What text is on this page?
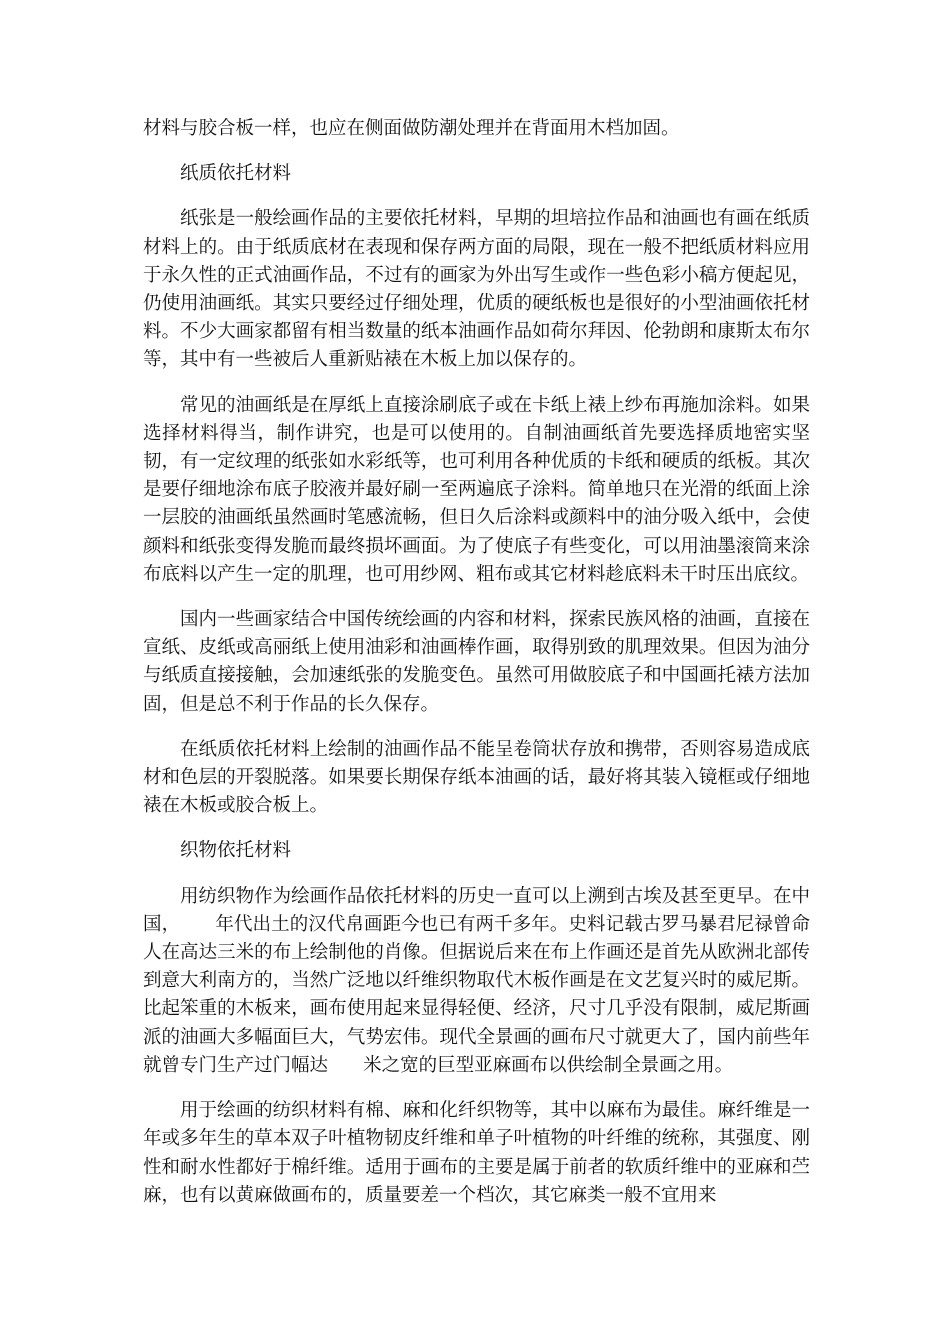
材料与胶合板一样，也应在侧面做防潮处理并在背面用木档加固。

纸质依托材料

纸张是一般绘画作品的主要依托材料，早期的坦培拉作品和油画也有画在纸质材料上的。由于纸质底材在表现和保存两方面的局限，现在一般不把纸质材料应用于永久性的正式油画作品，不过有的画家为外出写生或作一些色彩小稿方便起见，仍使用油画纸。其实只要经过仔细处理，优质的硬纸板也是很好的小型油画依托材料。不少大画家都留有相当数量的纸本油画作品如荷尔拜因、伦勃朗和康斯太布尔等，其中有一些被后人重新贴裱在木板上加以保存的。

常见的油画纸是在厚纸上直接涂刷底子或在卡纸上裱上纱布再施加涂料。如果选择材料得当，制作讲究，也是可以使用的。自制油画纸首先要选择质地密实坚韧，有一定纹理的纸张如水彩纸等，也可利用各种优质的卡纸和硬质的纸板。其次是要仔细地涂布底子胶液并最好刷一至两遍底子涂料。简单地只在光滑的纸面上涂一层胶的油画纸虽然画时笔感流畅，但日久后涂料或颜料中的油分吸入纸中，会使颜料和纸张变得发脆而最终损坏画面。为了使底子有些变化，可以用油墨滚筒来涂布底料以产生一定的肌理，也可用纱网、粗布或其它材料趁底料未干时压出底纹。

国内一些画家结合中国传统绘画的内容和材料，探索民族风格的油画，直接在宣纸、皮纸或高丽纸上使用油彩和油画棒作画，取得别致的肌理效果。但因为油分与纸质直接接触，会加速纸张的发脆变色。虽然可用做胶底子和中国画托裱方法加固，但是总不利于作品的长久保存。

在纸质依托材料上绘制的油画作品不能呈卷筒状存放和携带，否则容易造成底材和色层的开裂脱落。如果要长期保存纸本油画的话，最好将其装入镜框或仔细地裱在木板或胶合板上。

织物依托材料

用纺织物作为绘画作品依托材料的历史一直可以上溯到古埃及甚至更早。在中国， 年代出土的汉代帛画距今也已有两千多年。史料记载古罗马暴君尼禄曾命人在高达三米的布上绘制他的肖像。但据说后来在布上作画还是首先从欧洲北部传到意大利南方的，当然广泛地以纤维织物取代木板作画是在文艺复兴时的威尼斯。比起笨重的木板来，画布使用起来显得轻便、经济，尺寸几乎没有限制，威尼斯画派的油画大多幅面巨大，气势宏伟。现代全景画的画布尺寸就更大了，国内前些年就曾专门生产过门幅达 米之宽的巨型亚麻画布以供绘制全景画之用。

用于绘画的纺织材料有棉、麻和化纤织物等，其中以麻布为最佳。麻纤维是一年或多年生的草本双子叶植物韧皮纤维和单子叶植物的叶纤维的统称，其强度、刚性和耐水性都好于棉纤维。适用于画布的主要是属于前者的软质纤维中的亚麻和苎麻，也有以黄麻做画布的，质量要差一个档次，其它麻类一般不宜用来
